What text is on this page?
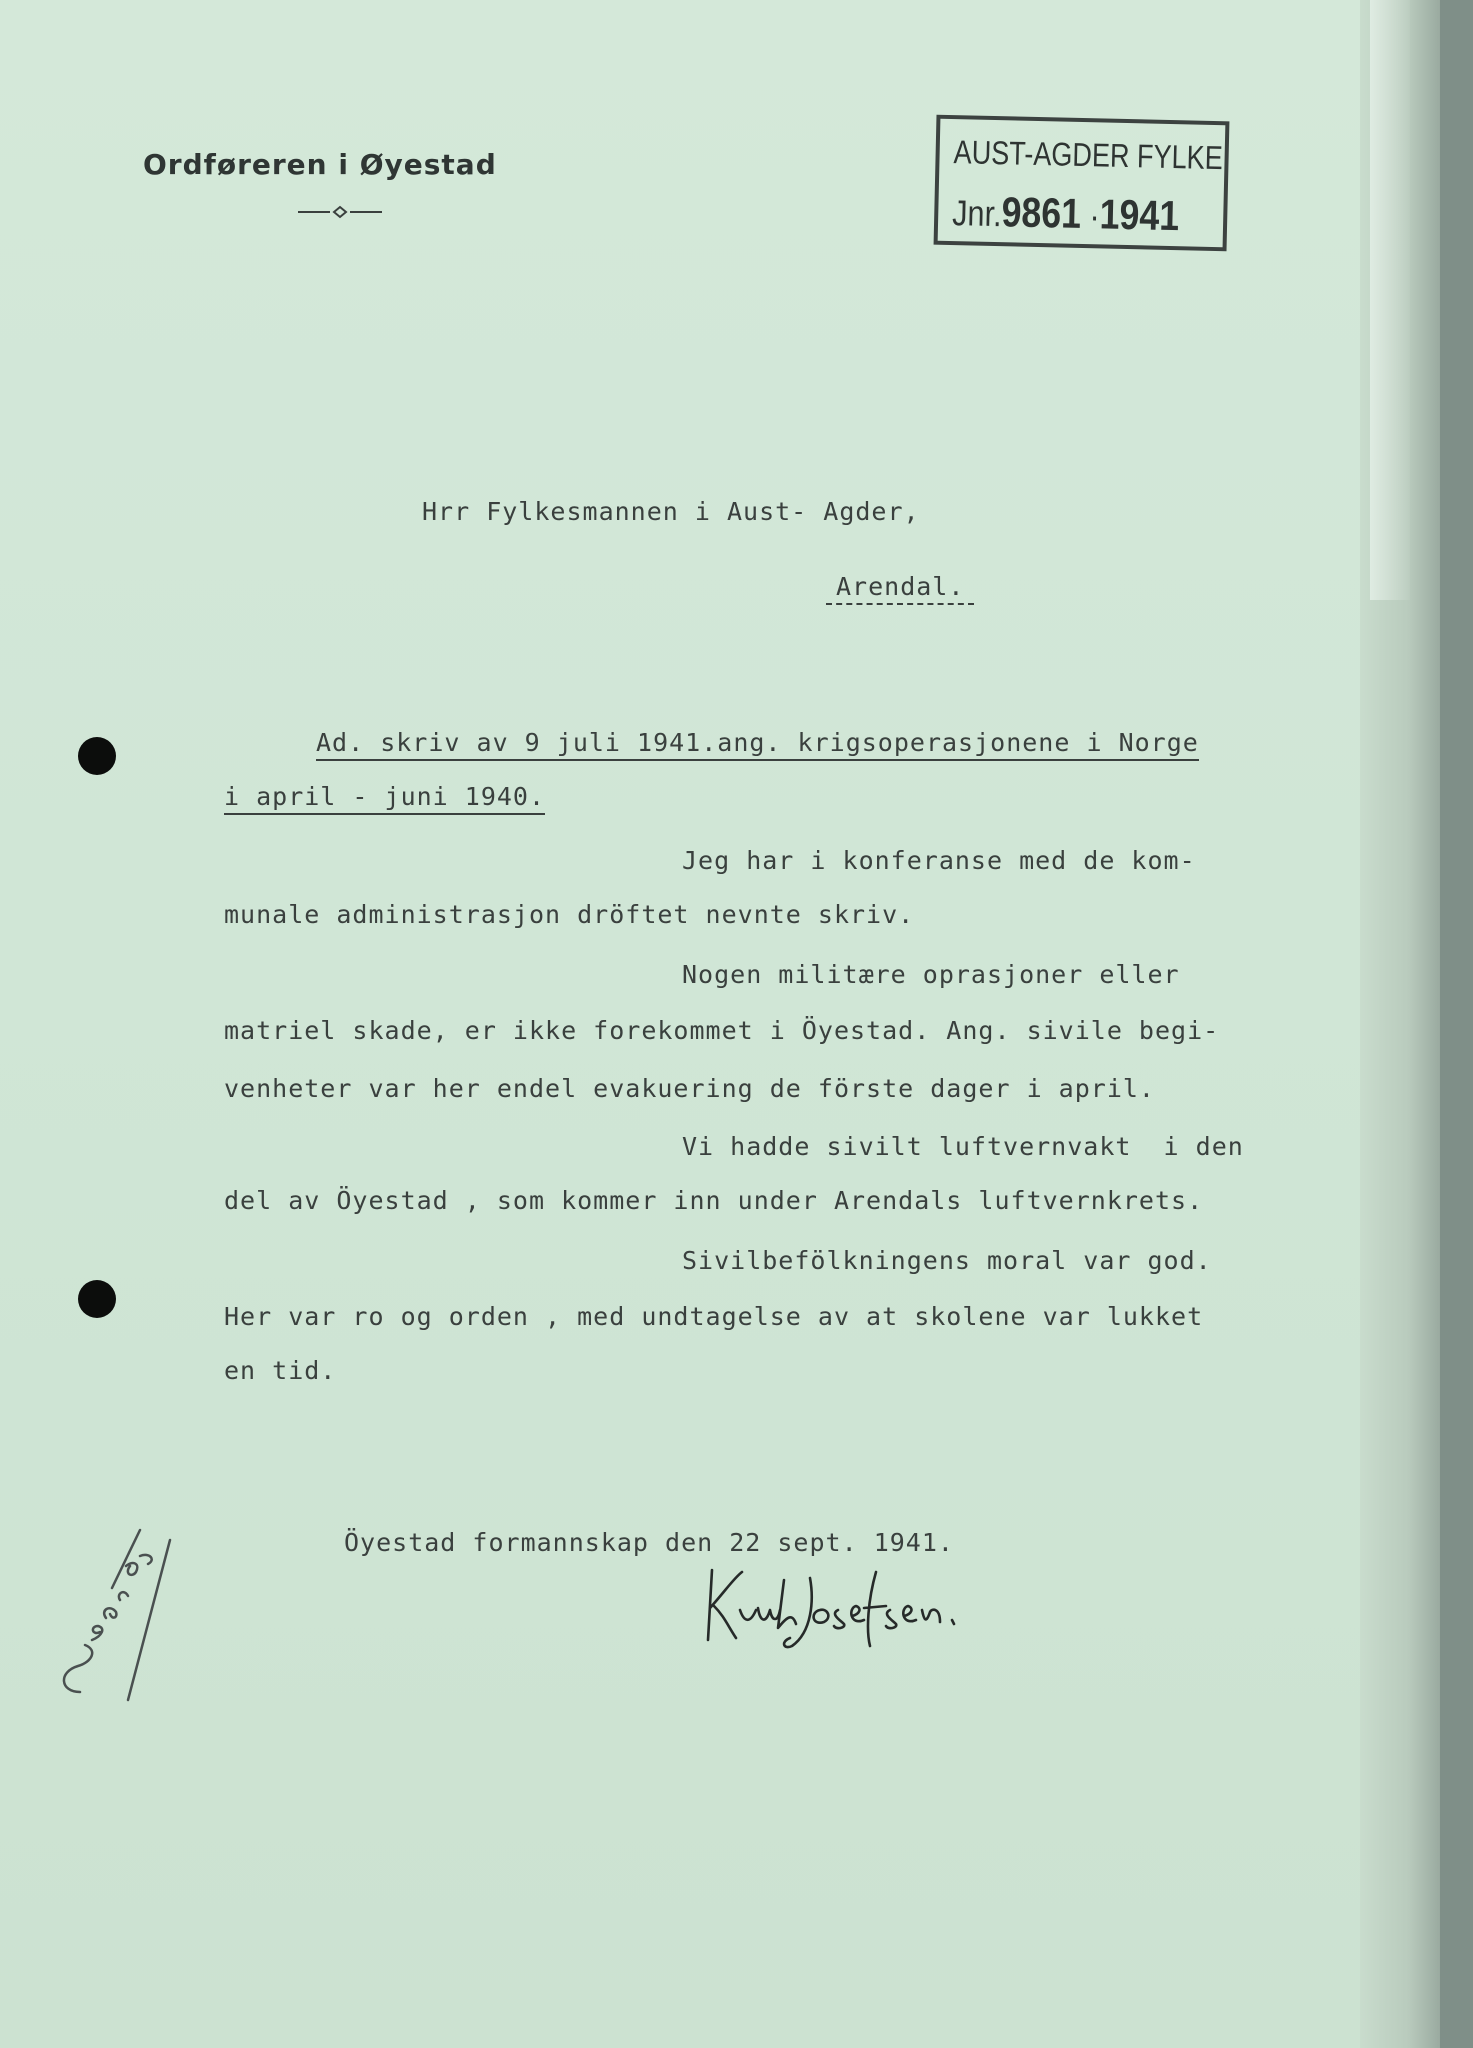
Ordføreren i Øyestad	AUST-AGDER FYLKE
Jnr.9861 ·1941
Hrr Fylkesmannen i Aust- Agder,
Arendal.
Ad. skriv av 9 juli 1941.ang. krigsoperasjonene i Norge
i april - juni 1940.
Jeg har i konferanse med de kom-
munale administrasjon dröftet nevnte skriv.
Nogen militære oprasjoner eller
matriel skade, er ikke forekommet i Öyestad. Ang. sivile begi-
venheter var her endel evakuering de förste dager i april.
Vi hadde sivilt luftvernvakt  i den
del av Öyestad , som kommer inn under Arendals luftvernkrets.
Sivilbefölkningens moral var god.
Her var ro og orden , med undtagelse av at skolene var lukket
en tid.
Öyestad formannskap den 22 sept. 1941.
